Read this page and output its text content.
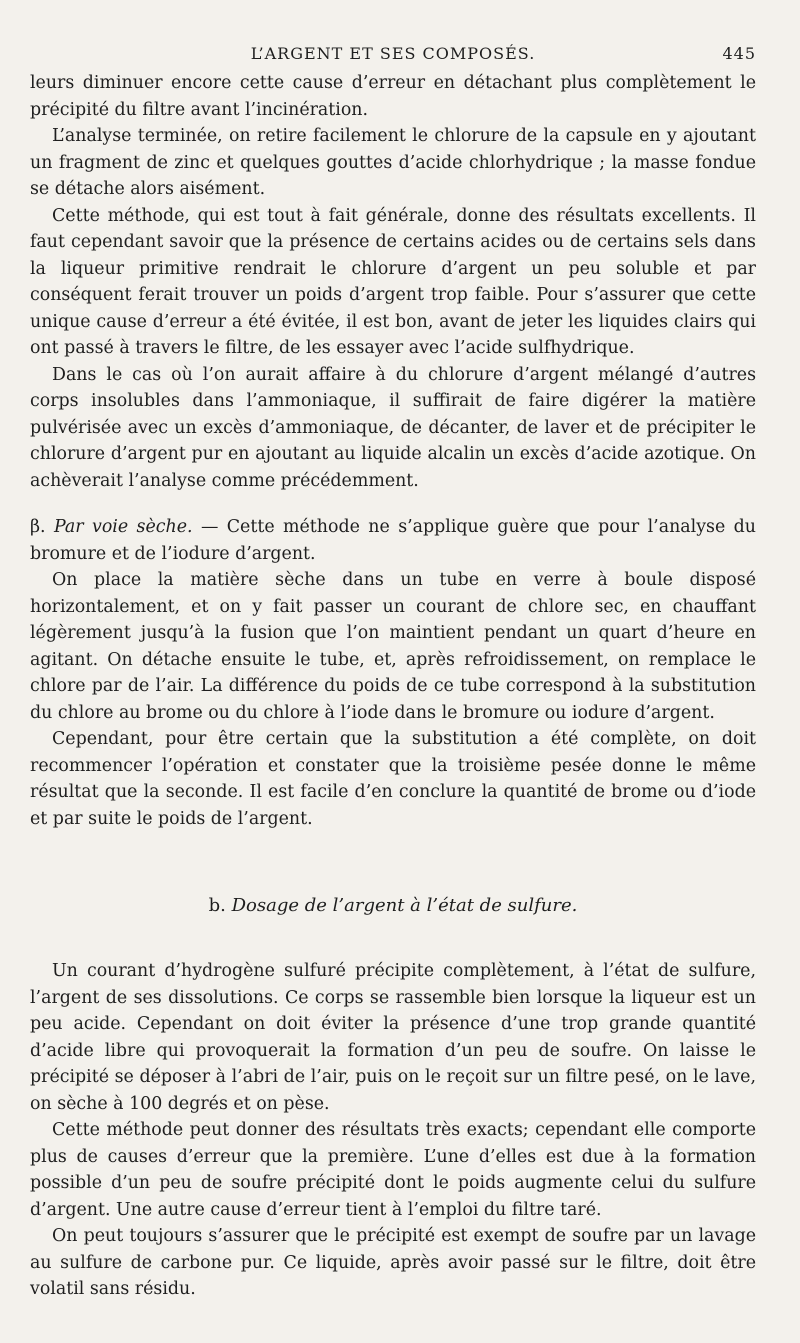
L’ARGENT ET SES COMPOSÉS.	445

leurs diminuer encore cette cause d’erreur en détachant plus complètement le précipité du filtre avant l’incinération.

L’analyse terminée, on retire facilement le chlorure de la capsule en y ajoutant un fragment de zinc et quelques gouttes d’acide chlorhydrique ; la masse fondue se détache alors aisément.

Cette méthode, qui est tout à fait générale, donne des résultats excellents. Il faut cependant savoir que la présence de certains acides ou de certains sels dans la liqueur primitive rendrait le chlorure d’argent un peu soluble et par conséquent ferait trouver un poids d’argent trop faible. Pour s’assurer que cette unique cause d’erreur a été évitée, il est bon, avant de jeter les liquides clairs qui ont passé à travers le filtre, de les essayer avec l’acide sulfhydrique.

Dans le cas où l’on aurait affaire à du chlorure d’argent mélangé d’autres corps insolubles dans l’ammoniaque, il suffirait de faire digérer la matière pulvérisée avec un excès d’ammoniaque, de décanter, de laver et de précipiter le chlorure d’argent pur en ajoutant au liquide alcalin un excès d’acide azotique. On achèverait l’analyse comme précédemment.

β. Par voie sèche. — Cette méthode ne s’applique guère que pour l’analyse du bromure et de l’iodure d’argent.

On place la matière sèche dans un tube en verre à boule disposé horizontalement, et on y fait passer un courant de chlore sec, en chauffant légèrement jusqu’à la fusion que l’on maintient pendant un quart d’heure en agitant. On détache ensuite le tube, et, après refroidissement, on remplace le chlore par de l’air. La différence du poids de ce tube correspond à la substitution du chlore au brome ou du chlore à l’iode dans le bromure ou iodure d’argent.

Cependant, pour être certain que la substitution a été complète, on doit recommencer l’opération et constater que la troisième pesée donne le même résultat que la seconde. Il est facile d’en conclure la quantité de brome ou d’iode et par suite le poids de l’argent.

b. Dosage de l’argent à l’état de sulfure.

Un courant d’hydrogène sulfuré précipite complètement, à l’état de sulfure, l’argent de ses dissolutions. Ce corps se rassemble bien lorsque la liqueur est un peu acide. Cependant on doit éviter la présence d’une trop grande quantité d’acide libre qui provoquerait la formation d’un peu de soufre. On laisse le précipité se déposer à l’abri de l’air, puis on le reçoit sur un filtre pesé, on le lave, on sèche à 100 degrés et on pèse.

Cette méthode peut donner des résultats très exacts; cependant elle comporte plus de causes d’erreur que la première. L’une d’elles est due à la formation possible d’un peu de soufre précipité dont le poids augmente celui du sulfure d’argent. Une autre cause d’erreur tient à l’emploi du filtre taré.

On peut toujours s’assurer que le précipité est exempt de soufre par un lavage au sulfure de carbone pur. Ce liquide, après avoir passé sur le filtre, doit être volatil sans résidu.
